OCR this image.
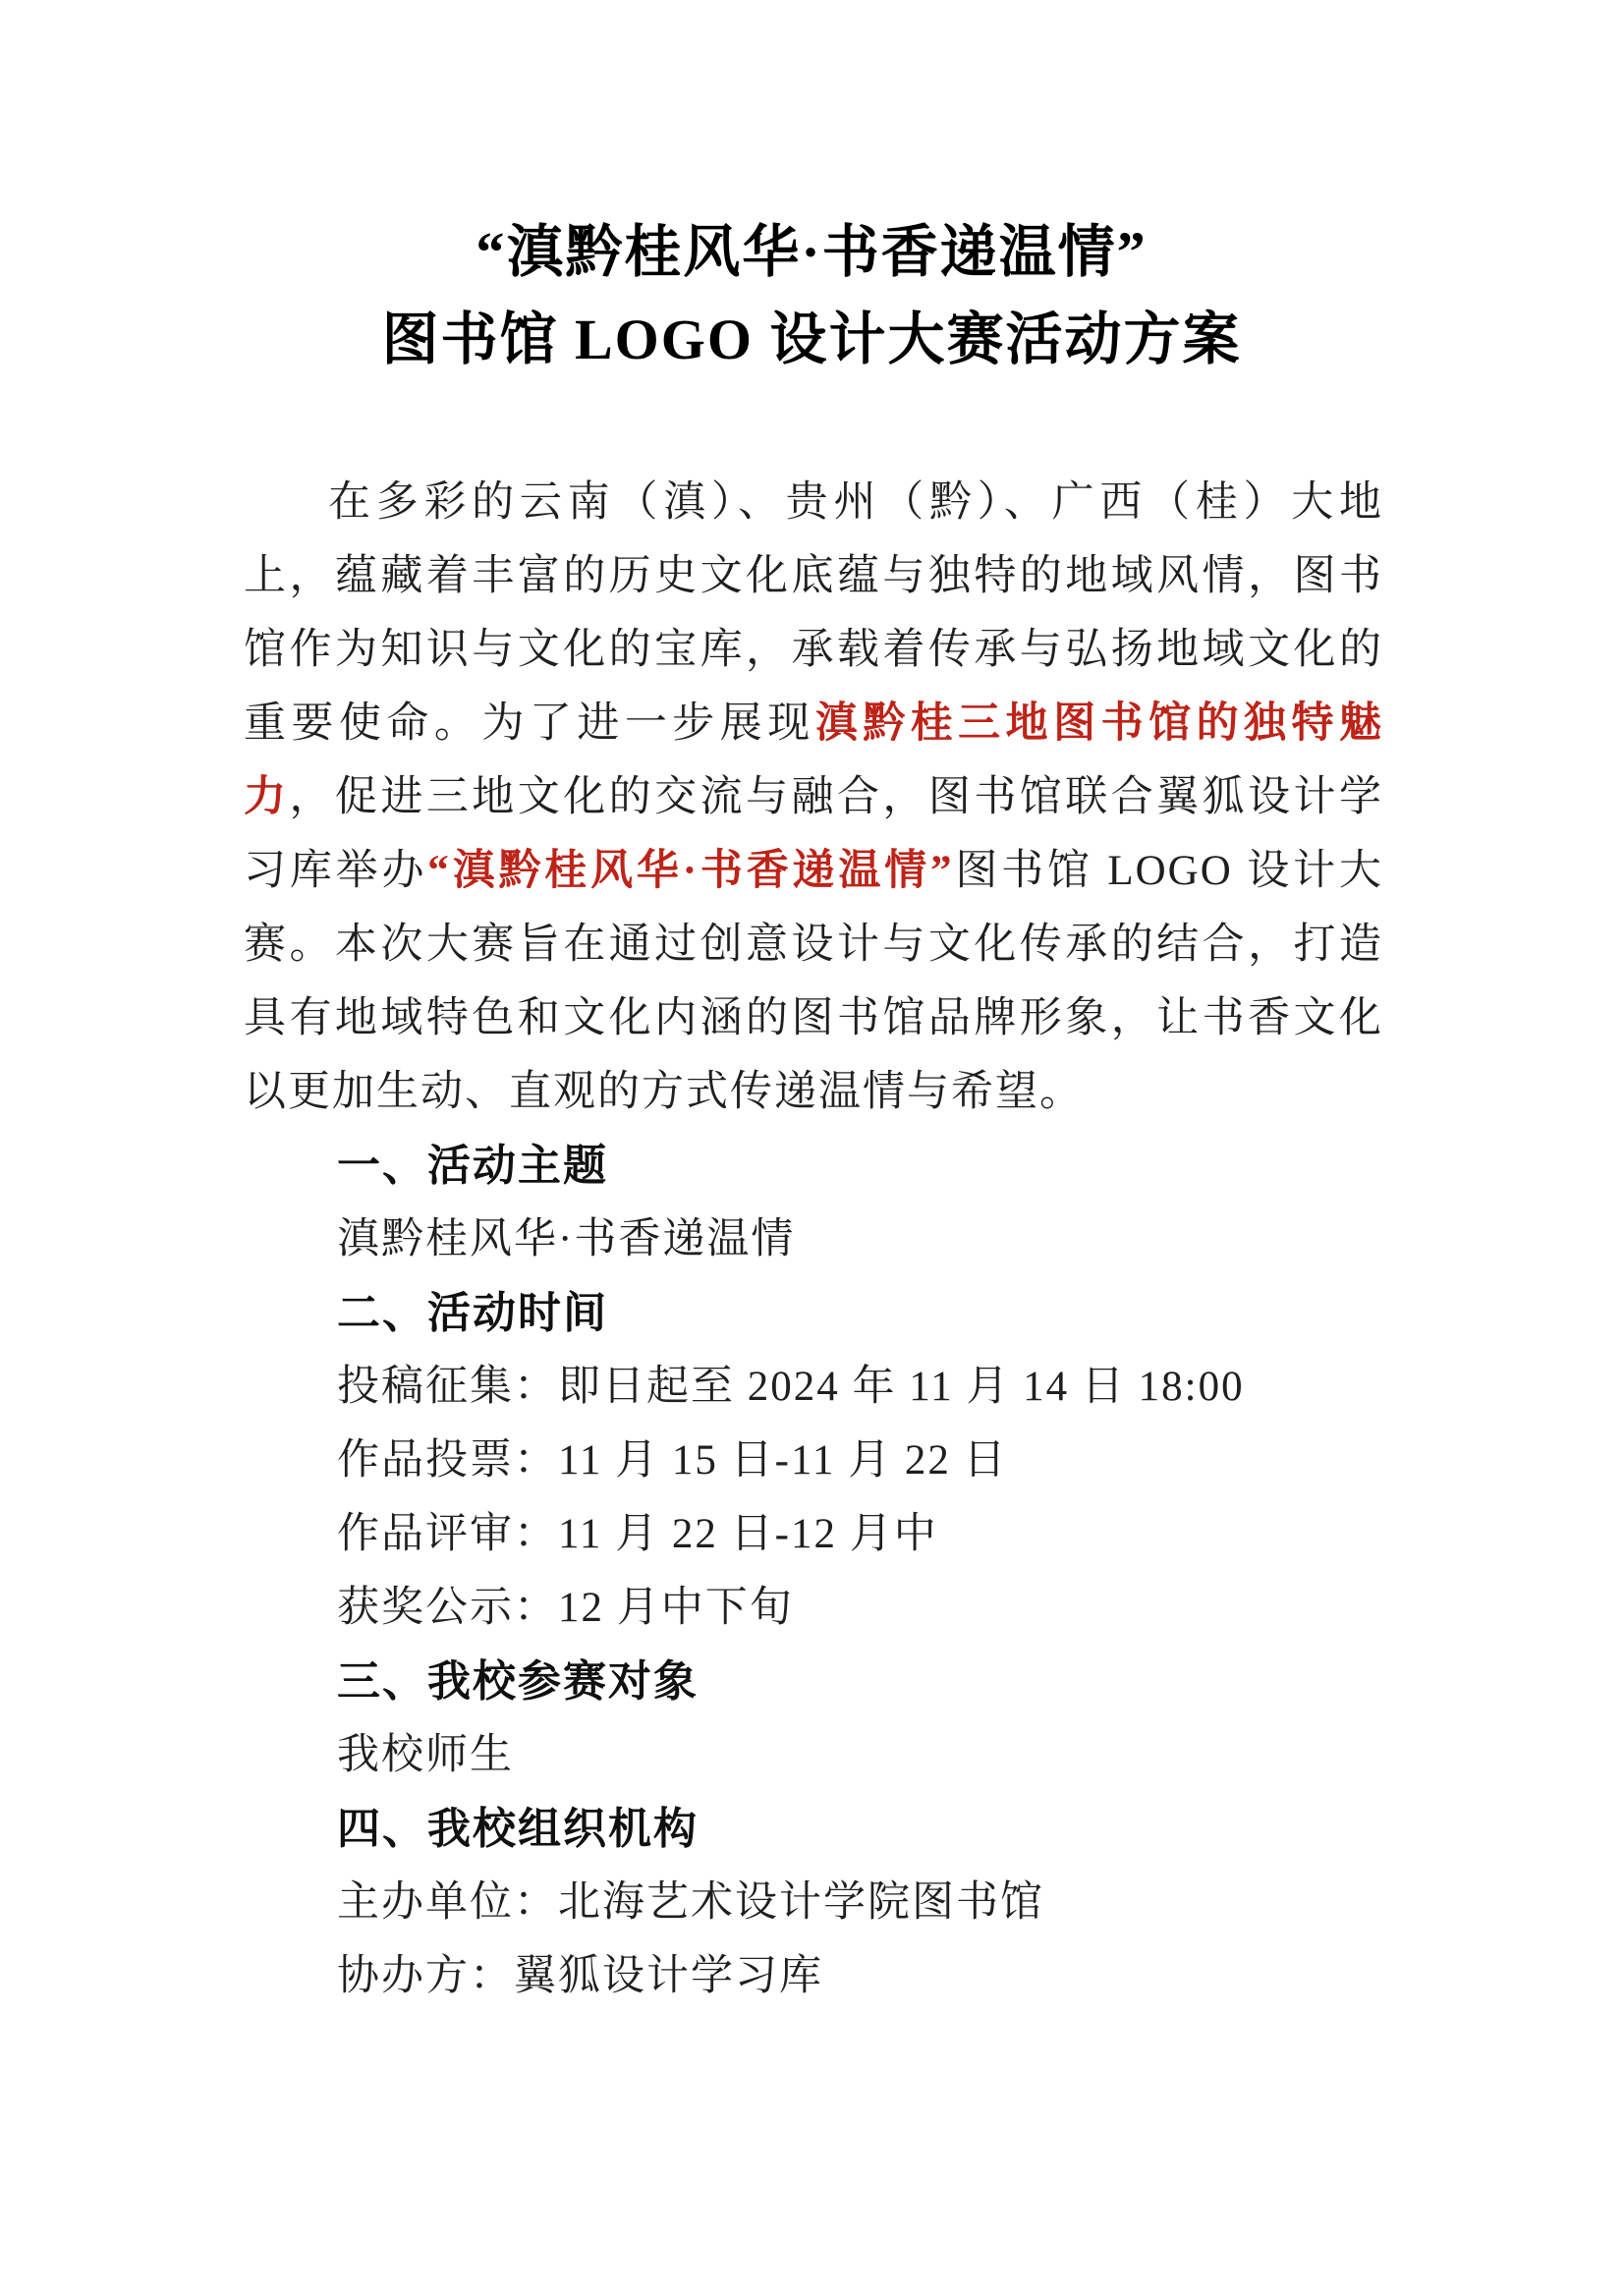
“滇黔桂风华·书香递温情”
图书馆 LOGO 设计大赛活动方案

在多彩的云南（滇）、贵州（黔）、广西（桂）大地上，蕴藏着丰富的历史文化底蕴与独特的地域风情，图书馆作为知识与文化的宝库，承载着传承与弘扬地域文化的重要使命。为了进一步展现滇黔桂三地图书馆的独特魅力，促进三地文化的交流与融合，图书馆联合翼狐设计学习库举办“滇黔桂风华·书香递温情”图书馆 LOGO 设计大赛。本次大赛旨在通过创意设计与文化传承的结合，打造具有地域特色和文化内涵的图书馆品牌形象，让书香文化以更加生动、直观的方式传递温情与希望。

一、活动主题
滇黔桂风华·书香递温情
二、活动时间
投稿征集：即日起至 2024 年 11 月 14 日 18:00
作品投票：11 月 15 日-11 月 22 日
作品评审：11 月 22 日-12 月中
获奖公示：12 月中下旬
三、我校参赛对象
我校师生
四、我校组织机构
主办单位：北海艺术设计学院图书馆
协办方：翼狐设计学习库
